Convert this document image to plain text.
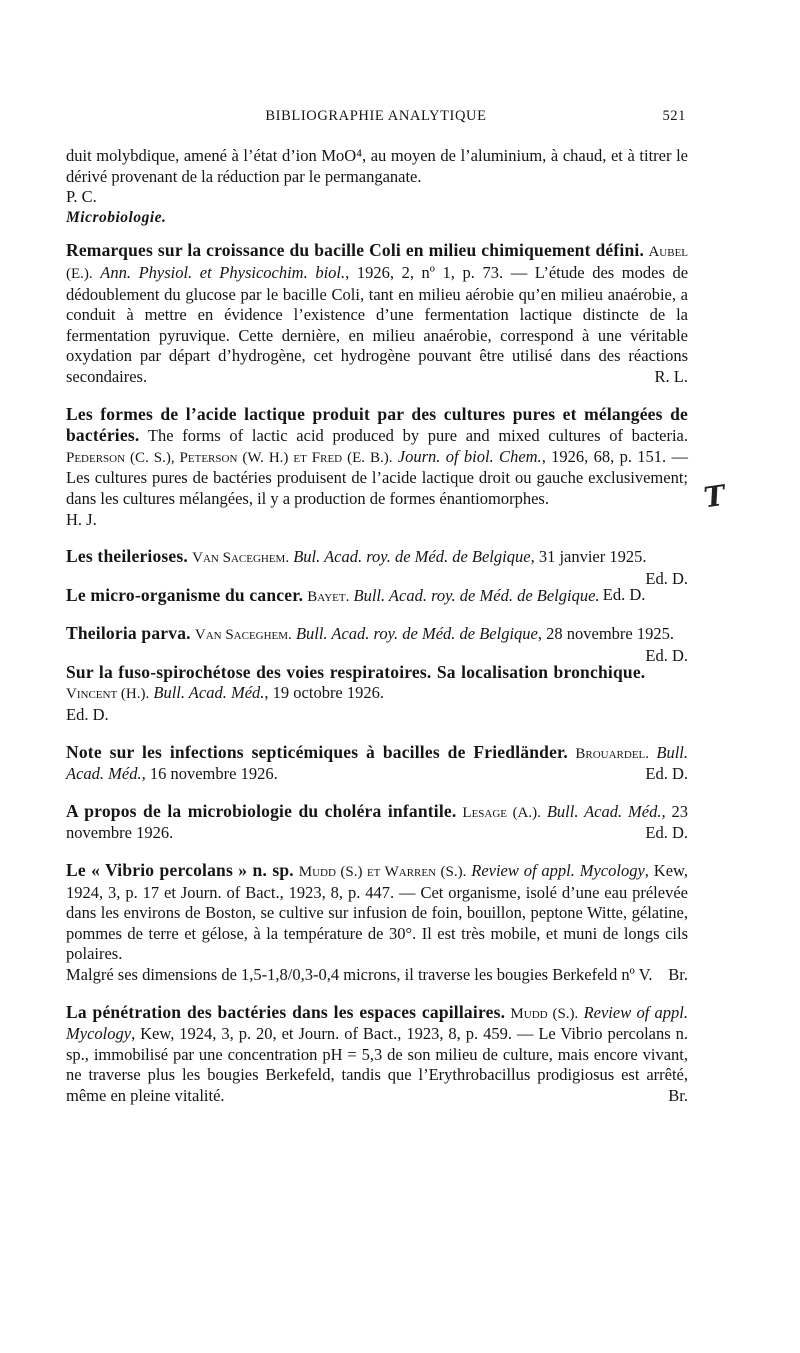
BIBLIOGRAPHIE ANALYTIQUE	521

duit molybdique, amené à l’état d’ion MoO⁴, au moyen de l’aluminium, à chaud, et à titrer le dérivé provenant de la réduction par le permanganate.

P. C.

Microbiologie.

Remarques sur la croissance du bacille Coli en milieu chimiquement défini. Aubel (E.). Ann. Physiol. et Physicochim. biol., 1926, 2, nº 1, p. 73. — L’étude des modes de dédoublement du glucose par le bacille Coli, tant en milieu aérobie qu’en milieu anaérobie, a conduit à mettre en évidence l’existence d’une fermentation lactique distincte de la fermentation pyruvique. Cette dernière, en milieu anaérobie, correspond à une véritable oxydation par départ d’hydrogène, cet hydrogène pouvant être utilisé dans des réactions secondaires.	R. L.

Les formes de l’acide lactique produit par des cultures pures et mélangées de bactéries. The forms of lactic acid produced by pure and mixed cultures of bacteria. Pederson (C. S.), Peterson (W. H.) et Fred (E. B.). Journ. of biol. Chem., 1926, 68, p. 151. — Les cultures pures de bactéries produisent de l’acide lactique droit ou gauche exclusivement; dans les cultures mélangées, il y a production de formes énantiomorphes.

H. J.

Les theilerioses. Van Saceghem. Bul. Acad. roy. de Méd. de Belgique, 31 janvier 1925.
Ed. D.

Le micro-organisme du cancer. Bayet. Bull. Acad. roy. de Méd. de Belgique. Ed. D.

Theiloria parva. Van Saceghem. Bull. Acad. roy. de Méd. de Belgique, 28 novembre 1925.
Ed. D.

Sur la fuso-spirochétose des voies respiratoires. Sa localisation bronchique. Vincent (H.). Bull. Acad. Méd., 19 octobre 1926.

Ed. D.

Note sur les infections septicémiques à bacilles de Friedländer. Brouardel. Bull. Acad. Méd., 16 novembre 1926.	Ed. D.

A propos de la microbiologie du choléra infantile. Lesage (A.). Bull. Acad. Méd., 23 novembre 1926.	Ed. D.

Le « Vibrio percolans » n. sp. Mudd (S.) et Warren (S.). Review of appl. Mycology, Kew, 1924, 3, p. 17 et Journ. of Bact., 1923, 8, p. 447. — Cet organisme, isolé d’une eau prélevée dans les environs de Boston, se cultive sur infusion de foin, bouillon, peptone Witte, gélatine, pommes de terre et gélose, à la température de 30°. Il est très mobile, et muni de longs cils polaires.

Malgré ses dimensions de 1,5-1,8/0,3-0,4 microns, il traverse les bougies Berkefeld nº V. Br.

La pénétration des bactéries dans les espaces capillaires. Mudd (S.). Review of appl. Mycology, Kew, 1924, 3, p. 20, et Journ. of Bact., 1923, 8, p. 459. — Le Vibrio percolans n. sp., immobilisé par une concentration pH = 5,3 de son milieu de culture, mais encore vivant, ne traverse plus les bougies Berkefeld, tandis que l’Erythrobacillus prodigiosus est arrêté, même en pleine vitalité.	Br.

T
